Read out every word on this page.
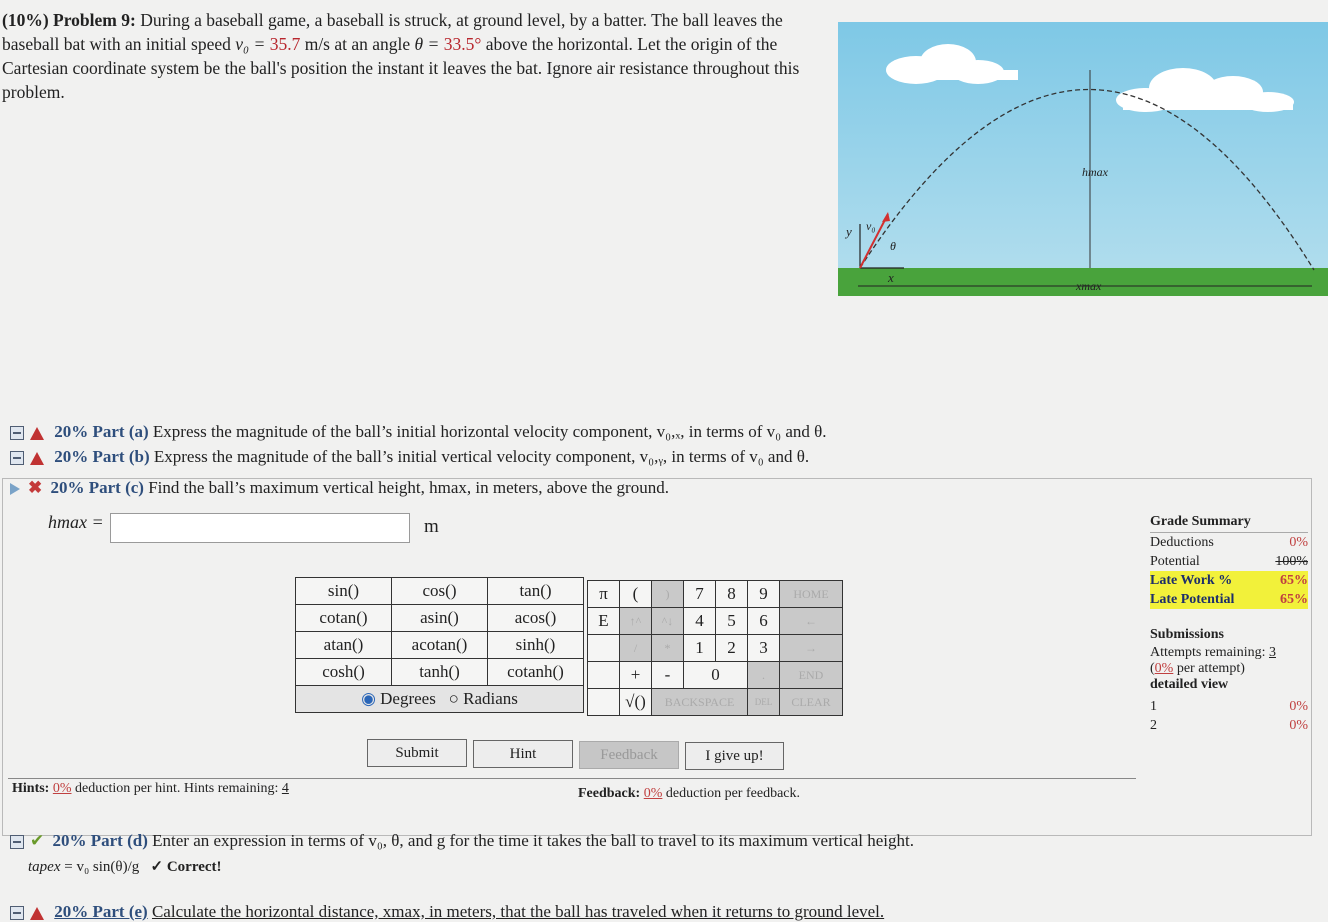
(10%) Problem 9: During a baseball game, a baseball is struck, at ground level, by a batter. The ball leaves the baseball bat with an initial speed v₀ = 35.7 m/s at an angle θ = 33.5° above the horizontal. Let the origin of the Cartesian coordinate system be the ball's position the instant it leaves the bat. Ignore air resistance throughout this problem.
y v₀
θ
x
hmax
xmax
20% Part (a) Express the magnitude of the ball’s initial horizontal velocity component, v₀,ₓ, in terms of v₀ and θ.
20% Part (b) Express the magnitude of the ball’s initial vertical velocity component, v₀,ᵧ, in terms of v₀ and θ.
✖ 20% Part (c) Find the ball’s maximum vertical height, hmax, in meters, above the ground.
hmax =	m
sin()	cos()	tan()
cotan()	asin()	acos()
atan()	acotan()	sinh()
cosh()	tanh()	cotanh()
◉ Degrees ○ Radians		
π	(	)	7	8	9	HOME
E	↑^	^↓	4	5	6	←
	/	*	1	2	3	→
	+	-	0		.	END
	√()	BACKSPACE			DEL	CLEAR
Submit	Hint	Feedback	I give up!
Hints: 0% deduction per hint. Hints remaining: 4	Feedback: 0% deduction per feedback.
Grade Summary
Deductions	0%
Potential	100%
Late Work %	65%
Late Potential	65%
Submissions
Attempts remaining: 3
(0% per attempt)
detailed view
1	0%
2	0%
✔ 20% Part (d) Enter an expression in terms of v₀, θ, and g for the time it takes the ball to travel to its maximum vertical height.
tapex = v₀ sin(θ)/g ✓ Correct!
20% Part (e) Calculate the horizontal distance, xmax, in meters, that the ball has traveled when it returns to ground level.
